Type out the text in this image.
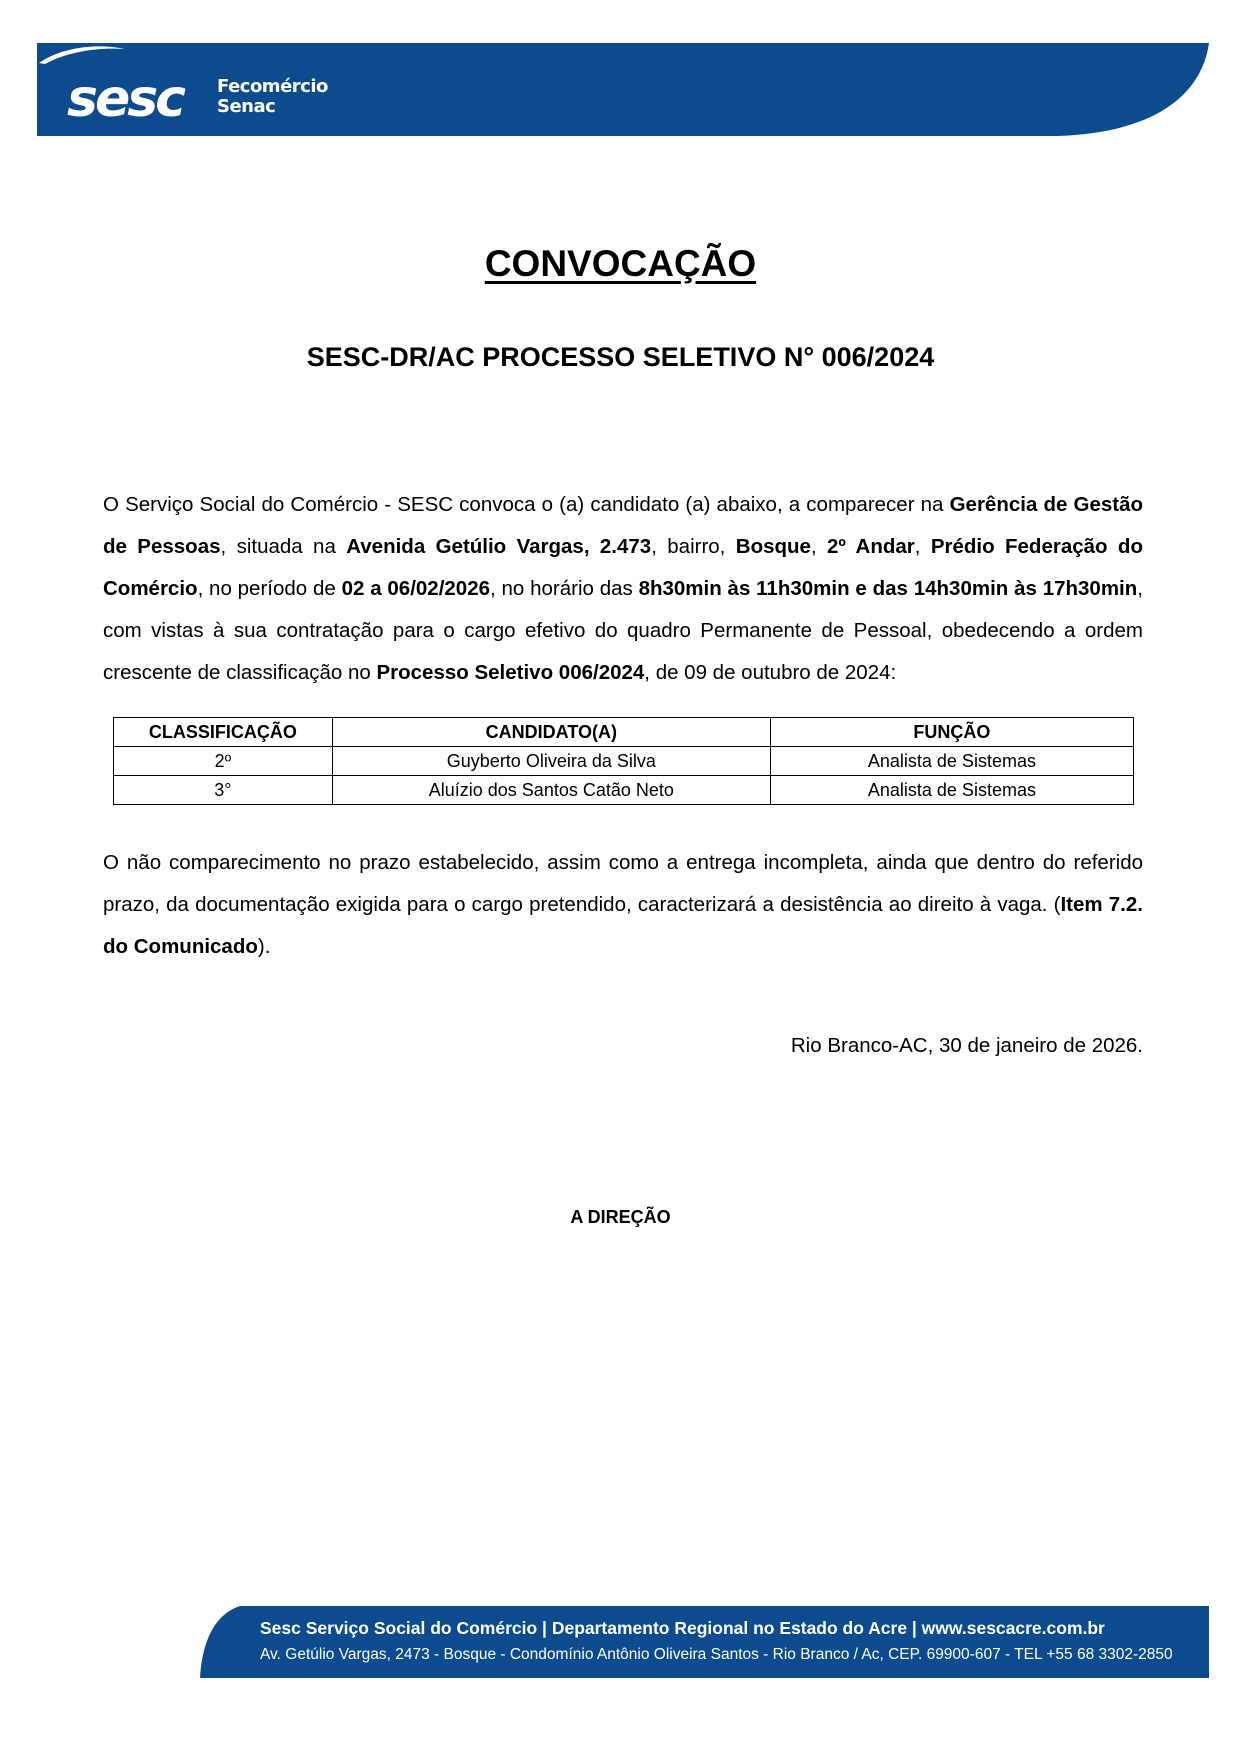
sesc Fecomércio
Senac
CONVOCAÇÃO
SESC-DR/AC PROCESSO SELETIVO N° 006/2024
O Serviço Social do Comércio - SESC convoca o (a) candidato (a) abaixo, a comparecer na Gerência de Gestão de Pessoas, situada na Avenida Getúlio Vargas, 2.473, bairro, Bosque, 2º Andar, Prédio Federação do Comércio, no período de 02 a 06/02/2026, no horário das 8h30min às 11h30min e das 14h30min às 17h30min, com vistas à sua contratação para o cargo efetivo do quadro Permanente de Pessoal, obedecendo a ordem crescente de classificação no Processo Seletivo 006/2024, de 09 de outubro de 2024:
CLASSIFICAÇÃO	CANDIDATO(A)	FUNÇÃO
2º	Guyberto Oliveira da Silva	Analista de Sistemas
3°	Aluízio dos Santos Catão Neto	Analista de Sistemas
O não comparecimento no prazo estabelecido, assim como a entrega incompleta, ainda que dentro do referido prazo, da documentação exigida para o cargo pretendido, caracterizará a desistência ao direito à vaga. (Item 7.2. do Comunicado).
Rio Branco-AC, 30 de janeiro de 2026.
A DIREÇÃO
Sesc Serviço Social do Comércio | Departamento Regional no Estado do Acre | www.sescacre.com.br
Av. Getúlio Vargas, 2473 - Bosque - Condomínio Antônio Oliveira Santos - Rio Branco / Ac, CEP. 69900-607 - TEL +55 68 3302-2850
